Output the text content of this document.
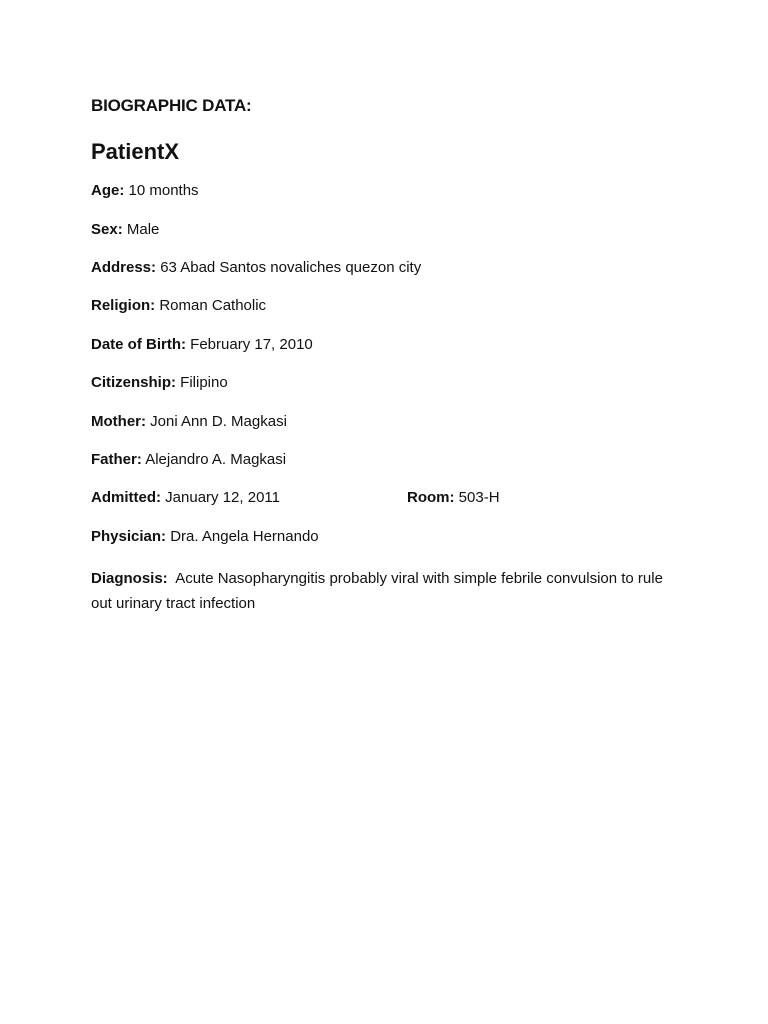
BIOGRAPHIC DATA:
PatientX
Age: 10 months
Sex: Male
Address: 63 Abad Santos novaliches quezon city
Religion: Roman Catholic
Date of Birth: February 17, 2010
Citizenship: Filipino
Mother: Joni Ann D. Magkasi
Father: Alejandro A. Magkasi
Admitted: January 12, 2011	Room: 503-H
Physician: Dra. Angela Hernando
Diagnosis: Acute Nasopharyngitis probably viral with simple febrile convulsion to rule out urinary tract infection
